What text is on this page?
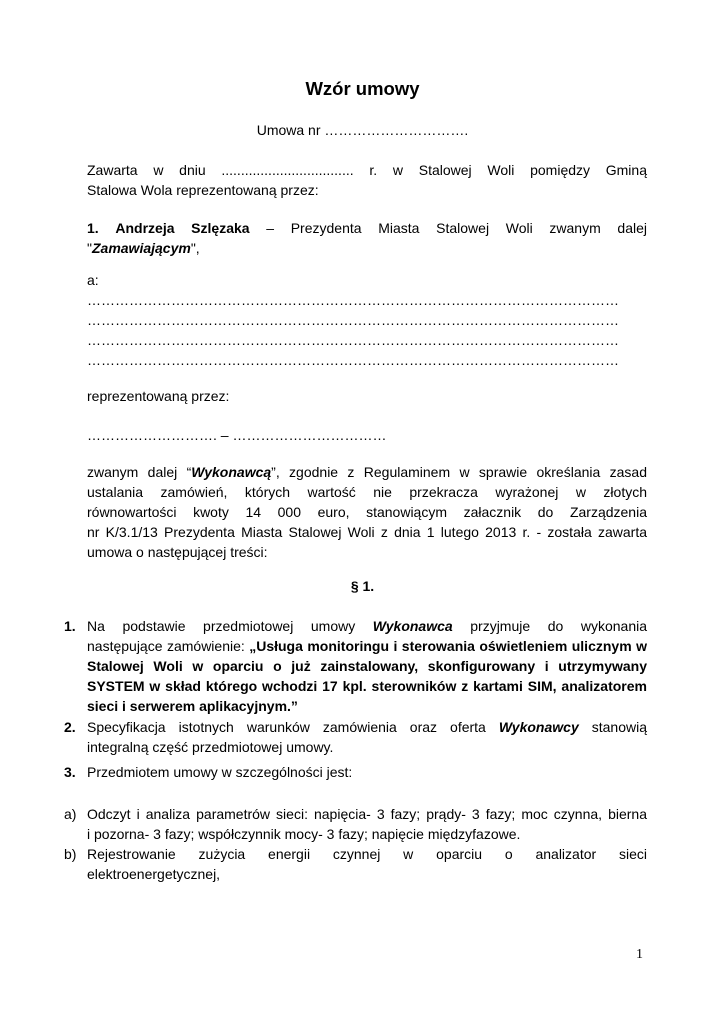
Wzór umowy
Umowa nr ………………………….
Zawarta w dniu .................................. r. w Stalowej Woli pomiędzy Gminą
Stalowa Wola reprezentowaną przez:
1. Andrzeja Szlęzaka – Prezydenta Miasta Stalowej Woli zwanym dalej
"Zamawiającym",
a:
……………………………………………………………………………………………………
……………………………………………………………………………………………………
……………………………………………………………………………………………………
……………………………………………………………………………………………………
reprezentowaną przez:
………………………. – ……………………………
zwanym dalej “Wykonawcą”, zgodnie z Regulaminem w sprawie określania zasad
ustalania zamówień, których wartość nie przekracza wyrażonej w złotych
równowartości kwoty 14 000 euro, stanowiącym załacznik do Zarządzenia
nr K/3.1/13 Prezydenta Miasta Stalowej Woli z dnia 1 lutego 2013 r. - została zawarta
umowa o następującej treści:
§ 1.
1. Na podstawie przedmiotowej umowy Wykonawca przyjmuje do wykonania
następujące zamówienie: „Usługa monitoringu i sterowania oświetleniem ulicznym w Stalowej Woli w oparciu o już zainstalowany, skonfigurowany i utrzymywany SYSTEM w skład którego wchodzi 17 kpl. sterowników z kartami SIM, analizatorem sieci i serwerem aplikacyjnym.”
2. Specyfikacja istotnych warunków zamówienia oraz oferta Wykonawcy stanowią
integralną część przedmiotowej umowy.
3. Przedmiotem umowy w szczególności jest:
a) Odczyt i analiza parametrów sieci: napięcia- 3 fazy; prądy- 3 fazy; moc czynna, bierna
i pozorna- 3 fazy; współczynnik mocy- 3 fazy; napięcie międzyfazowe.
b) Rejestrowanie zużycia energii czynnej w oparciu o analizator sieci
elektroenergetycznej,
1
